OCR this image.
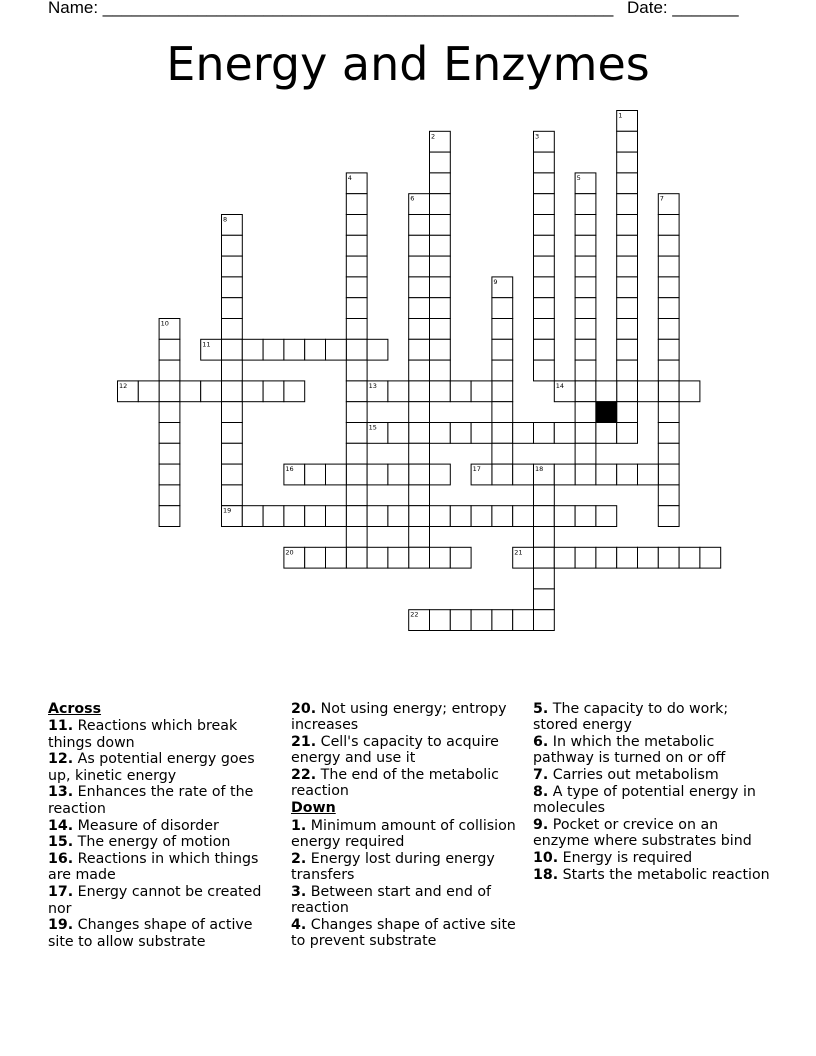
Name: ______________________________________________________ Date: _______
Energy and Enzymes
1
2	3
4	5
6	7
8
9
10
11
12	13	14
15
16	17	18
19
20	21
22
Across
11. Reactions which break things down
12. As potential energy goes up, kinetic energy
13. Enhances the rate of the reaction
14. Measure of disorder
15. The energy of motion
16. Reactions in which things are made
17. Energy cannot be created nor
19. Changes shape of active site to allow substrate
20. Not using energy; entropy increases
21. Cell's capacity to acquire energy and use it
22. The end of the metabolic reaction
Down
1. Minimum amount of collision energy required
2. Energy lost during energy transfers
3. Between start and end of reaction
4. Changes shape of active site to prevent substrate
5. The capacity to do work; stored energy
6. In which the metabolic pathway is turned on or off
7. Carries out metabolism
8. A type of potential energy in molecules
9. Pocket or crevice on an enzyme where substrates bind
10. Energy is required
18. Starts the metabolic reaction
